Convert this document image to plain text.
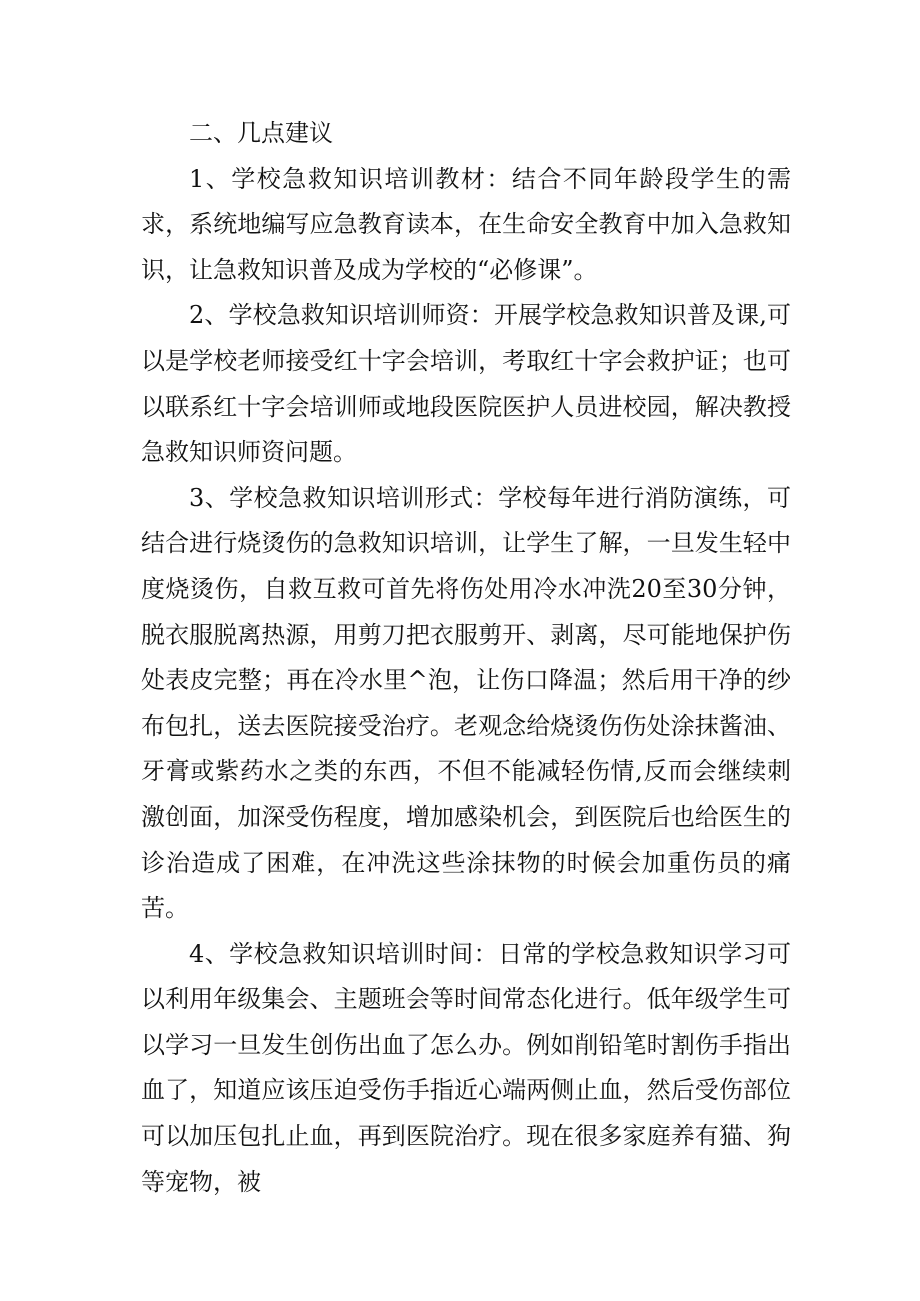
二、几点建议

1、学校急救知识培训教材：结合不同年龄段学生的需求，系统地编写应急教育读本，在生命安全教育中加入急救知识，让急救知识普及成为学校的“必修课”。

2、学校急救知识培训师资：开展学校急救知识普及课,可以是学校老师接受红十字会培训，考取红十字会救护证；也可以联系红十字会培训师或地段医院医护人员进校园，解决教授急救知识师资问题。

3、学校急救知识培训形式：学校每年进行消防演练，可结合进行烧烫伤的急救知识培训，让学生了解，一旦发生轻中度烧烫伤，自救互救可首先将伤处用冷水冲洗20至30分钟，脱衣服脱离热源，用剪刀把衣服剪开、剥离，尽可能地保护伤处表皮完整；再在冷水里^泡，让伤口降温；然后用干净的纱布包扎，送去医院接受治疗。老观念给烧烫伤伤处涂抹酱油、牙膏或紫药水之类的东西，不但不能减轻伤情,反而会继续刺激创面，加深受伤程度，增加感染机会，到医院后也给医生的诊治造成了困难，在冲洗这些涂抹物的时候会加重伤员的痛苦。

4、学校急救知识培训时间：日常的学校急救知识学习可以利用年级集会、主题班会等时间常态化进行。低年级学生可以学习一旦发生创伤出血了怎么办。例如削铅笔时割伤手指出血了，知道应该压迫受伤手指近心端两侧止血，然后受伤部位可以加压包扎止血，再到医院治疗。现在很多家庭养有猫、狗等宠物，被
